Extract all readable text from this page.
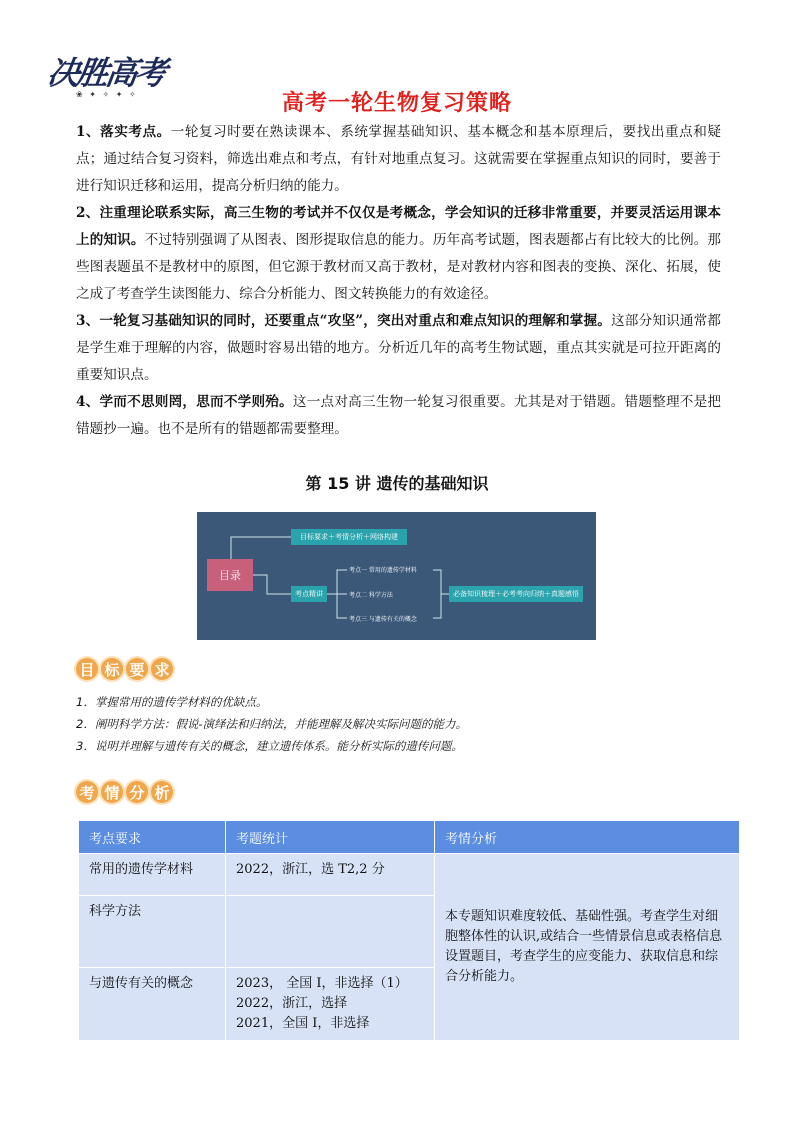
决胜高考
❀ ✦ ✧ ✦ ✧	高考一轮生物复习策略
1、落实考点。一轮复习时要在熟读课本、系统掌握基础知识、基本概念和基本原理后，要找出重点和疑点；通过结合复习资料，筛选出难点和考点，有针对地重点复习。这就需要在掌握重点知识的同时，要善于进行知识迁移和运用，提高分析归纳的能力。
2、注重理论联系实际，高三生物的考试并不仅仅是考概念，学会知识的迁移非常重要，并要灵活运用课本上的知识。不过特别强调了从图表、图形提取信息的能力。历年高考试题，图表题都占有比较大的比例。那些图表题虽不是教材中的原图，但它源于教材而又高于教材，是对教材内容和图表的变换、深化、拓展，使之成了考查学生读图能力、综合分析能力、图文转换能力的有效途径。
3、一轮复习基础知识的同时，还要重点“攻坚”，突出对重点和难点知识的理解和掌握。这部分知识通常都是学生难于理解的内容，做题时容易出错的地方。分析近几年的高考生物试题，重点其实就是可拉开距离的重要知识点。
4、学而不思则罔，思而不学则殆。这一点对高三生物一轮复习很重要。尤其是对于错题。错题整理不是把错题抄一遍。也不是所有的错题都需要整理。
第 15 讲 遗传的基础知识
目录
目标要求＋考情分析＋网络构建
考点精讲
考点一 常用的遗传学材料
考点二 科学方法
考点三 与遗传有关的概念
必备知识梳理＋必考考向归纳＋真题感悟
目 标 要 求
1．掌握常用的遗传学材料的优缺点。
2．阐明科学方法：假说-演绎法和归纳法，并能理解及解决实际问题的能力。
3．说明并理解与遗传有关的概念，建立遗传体系。能分析实际的遗传问题。
考 情 分 析
考点要求	考题统计	考情分析
常用的遗传学材料	2022，浙江，选 T2,2 分	本专题知识难度较低、基础性强。考查学生对细胞整体性的认识,或结合一些情景信息或表格信息设置题目，考查学生的应变能力、获取信息和综合分析能力。
科学方法		
与遗传有关的概念	2023， 全国 I，非选择（1）
2022，浙江，选择
2021，全国 I，非选择	
